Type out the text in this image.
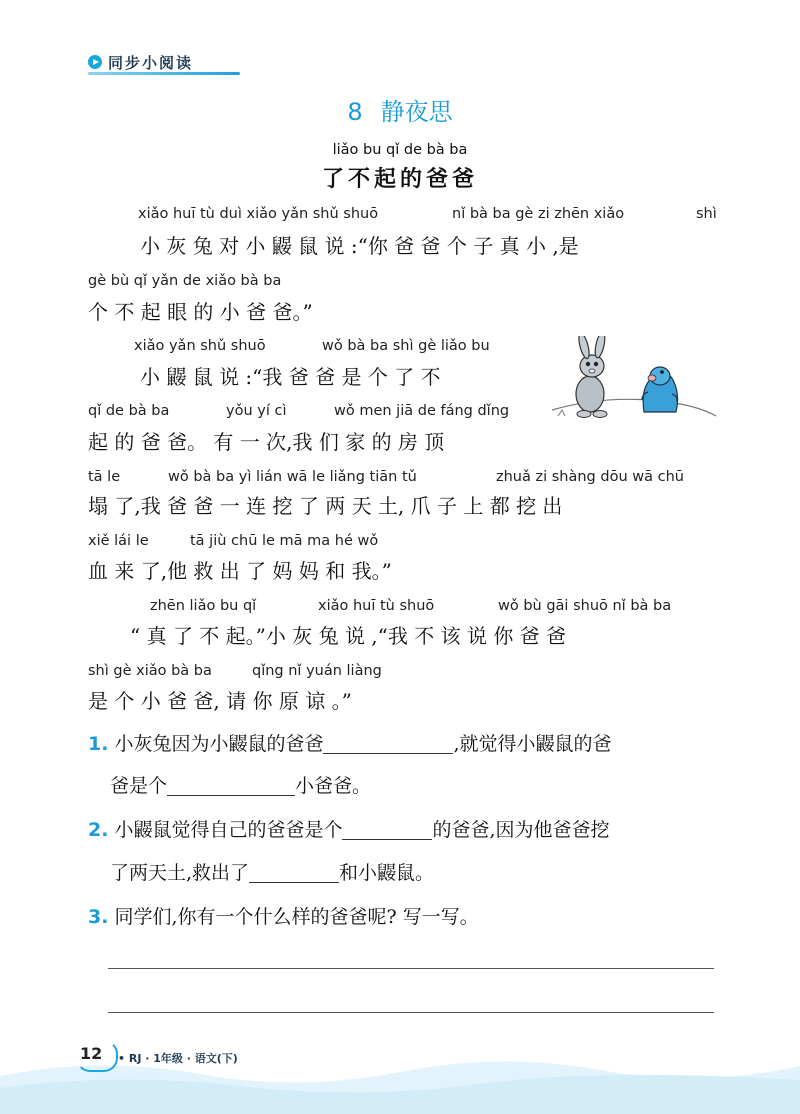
同步小阅读
8 静夜思
liǎo bu qǐ de bà ba
了不起的爸爸
xiǎo huī tù duì xiǎo yǎn shǔ shuō	nǐ bà ba gè zi zhēn xiǎo	shì
小 灰 兔 对 小 鼹 鼠 说 :“你 爸 爸 个 子 真 小 ,是
gè bù qǐ yǎn de xiǎo bà ba
个 不 起 眼 的 小 爸 爸。”
xiǎo yǎn shǔ shuō	wǒ bà ba shì gè liǎo bu
小 鼹 鼠 说 :“我 爸 爸 是 个 了 不
qǐ de bà ba	yǒu yí cì	wǒ men jiā de fáng dǐng
起 的 爸 爸。 有 一 次,我 们 家 的 房 顶
tā le	wǒ bà ba yì lián wā le liǎng tiān tǔ	zhuǎ zi shàng dōu wā chū
塌 了,我 爸 爸 一 连 挖 了 两 天 土, 爪 子 上 都 挖 出
xiě lái le	tā jiù chū le mā ma hé wǒ
血 来 了,他 救 出 了 妈 妈 和 我。”
zhēn liǎo bu qǐ	xiǎo huī tù shuō	wǒ bù gāi shuō nǐ bà ba
“ 真 了 不 起。”小 灰 兔 说 ,“我 不 该 说 你 爸 爸
shì gè xiǎo bà ba	qǐng nǐ yuán liàng
是 个 小 爸 爸, 请 你 原 谅 。”
1. 小灰兔因为小鼹鼠的爸爸	,就觉得小鼹鼠的爸
爸是个	小爸爸。
2. 小鼹鼠觉得自己的爸爸是个	的爸爸,因为他爸爸挖
了两天土,救出了	和小鼹鼠。
3. 同学们,你有一个什么样的爸爸呢? 写一写。
12 • RJ · 1年级 · 语文(下)
